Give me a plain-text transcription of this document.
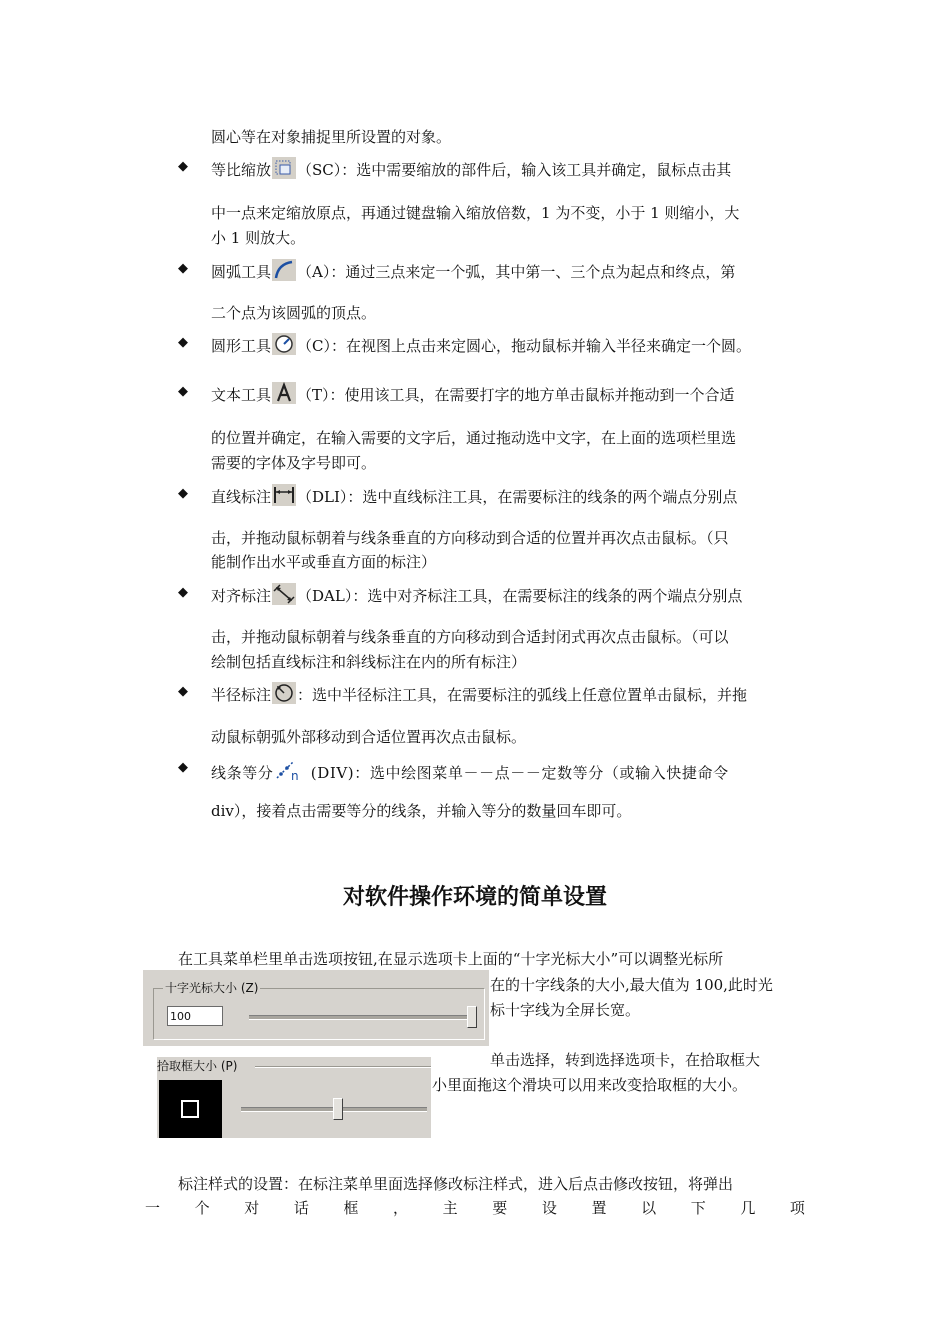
圆心等在对象捕捉里所设置的对象。
◆ 等比缩放 （SC）：选中需要缩放的部件后，输入该工具并确定，鼠标点击其
中一点来定缩放原点，再通过键盘输入缩放倍数，1 为不变，小于 1 则缩小，大
小 1 则放大。
◆ 圆弧工具 （A）：通过三点来定一个弧，其中第一、三个点为起点和终点，第
二个点为该圆弧的顶点。
◆ 圆形工具 （C）：在视图上点击来定圆心，拖动鼠标并输入半径来确定一个圆。
◆ 文本工具 （T）：使用该工具，在需要打字的地方单击鼠标并拖动到一个合适
的位置并确定，在输入需要的文字后，通过拖动选中文字，在上面的选项栏里选
需要的字体及字号即可。
◆ 直线标注 （DLI）：选中直线标注工具，在需要标注的线条的两个端点分别点
击，并拖动鼠标朝着与线条垂直的方向移动到合适的位置并再次点击鼠标。（只
能制作出水平或垂直方面的标注）
◆ 对齐标注 （DAL）：选中对齐标注工具，在需要标注的线条的两个端点分别点
击，并拖动鼠标朝着与线条垂直的方向移动到合适封闭式再次点击鼠标。（可以
绘制包括直线标注和斜线标注在内的所有标注）
◆ 半径标注 ：选中半径标注工具，在需要标注的弧线上任意位置单击鼠标，并拖
动鼠标朝弧外部移动到合适位置再次点击鼠标。
◆ 线条等分 n (DIV)：选中绘图菜单－－点－－定数等分（或输入快捷命令
div），接着点击需要等分的线条，并输入等分的数量回车即可。
对软件操作环境的简单设置
在工具菜单栏里单击选项按钮,在显示选项卡上面的“十字光标大小”可以调整光标所
在的十字线条的大小,最大值为 100,此时光
标十字线为全屏长宽。
单击选择，转到选择选项卡，在拾取框大
小里面拖这个滑块可以用来改变拾取框的大小。
标注样式的设置：在标注菜单里面选择修改标注样式，进入后点击修改按钮，将弹出
一 个 对 话 框 ， 主 要 设 置 以 下 几 项
十字光标大小 (Z)
100
拾取框大小 (P)
